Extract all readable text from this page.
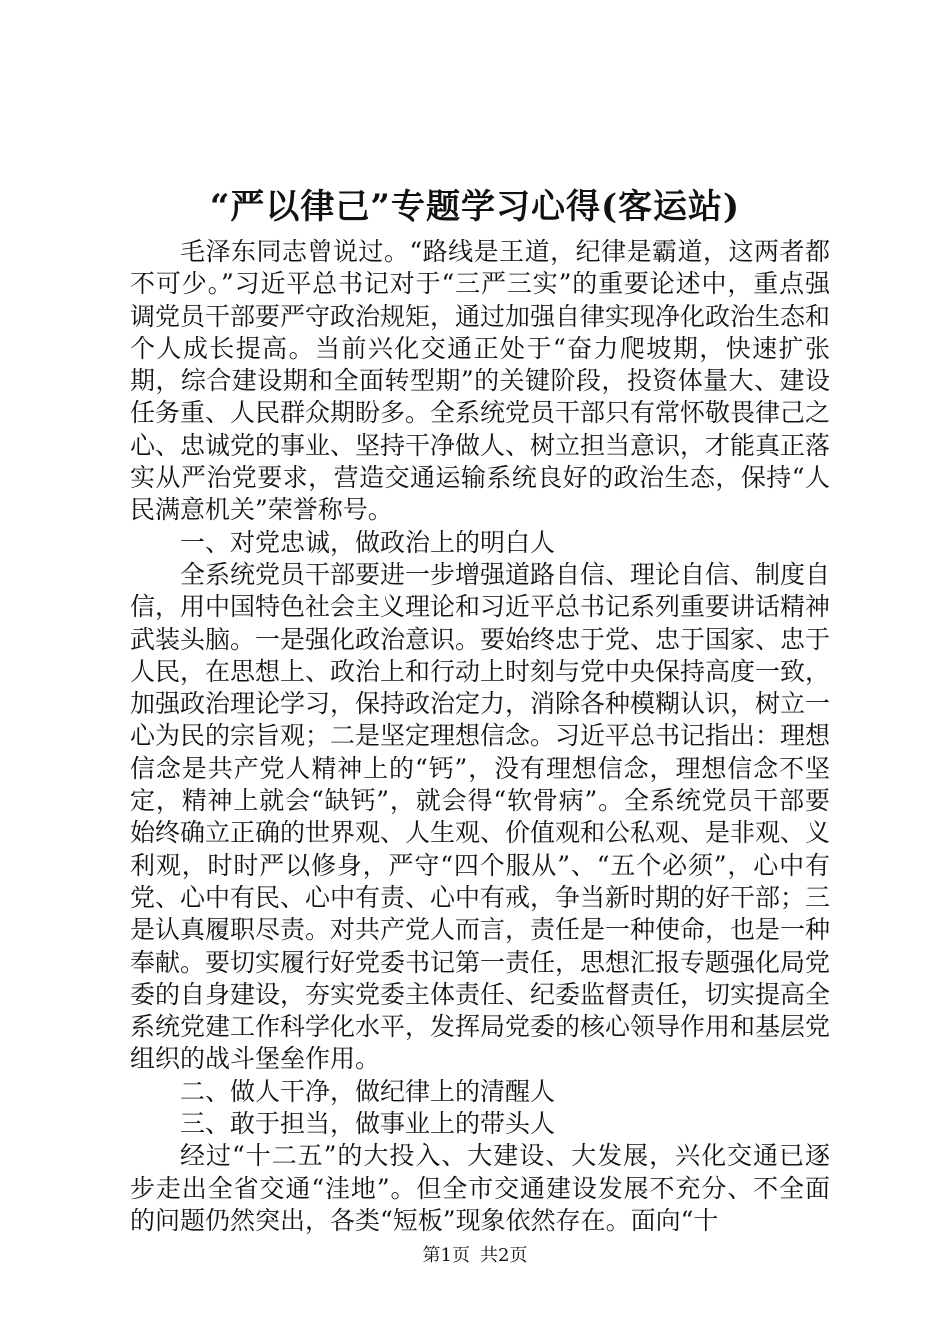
“严以律己”专题学习心得(客运站)

毛泽东同志曾说过。“路线是王道，纪律是霸道，这两者都不可少。”习近平总书记对于“三严三实”的重要论述中，重点强调党员干部要严守政治规矩，通过加强自律实现净化政治生态和个人成长提高。当前兴化交通正处于“奋力爬坡期，快速扩张期，综合建设期和全面转型期”的关键阶段，投资体量大、建设任务重、人民群众期盼多。全系统党员干部只有常怀敬畏律己之心、忠诚党的事业、坚持干净做人、树立担当意识，才能真正落实从严治党要求，营造交通运输系统良好的政治生态，保持“人民满意机关”荣誉称号。

一、对党忠诚，做政治上的明白人

全系统党员干部要进一步增强道路自信、理论自信、制度自信，用中国特色社会主义理论和习近平总书记系列重要讲话精神武装头脑。一是强化政治意识。要始终忠于党、忠于国家、忠于人民，在思想上、政治上和行动上时刻与党中央保持高度一致，加强政治理论学习，保持政治定力，消除各种模糊认识，树立一心为民的宗旨观；二是坚定理想信念。习近平总书记指出：理想信念是共产党人精神上的“钙”，没有理想信念，理想信念不坚定，精神上就会“缺钙”，就会得“软骨病”。全系统党员干部要始终确立正确的世界观、人生观、价值观和公私观、是非观、义利观，时时严以修身，严守“四个服从”、“五个必须”，心中有党、心中有民、心中有责、心中有戒，争当新时期的好干部；三是认真履职尽责。对共产党人而言，责任是一种使命，也是一种奉献。要切实履行好党委书记第一责任，思想汇报专题强化局党委的自身建设，夯实党委主体责任、纪委监督责任，切实提高全系统党建工作科学化水平，发挥局党委的核心领导作用和基层党组织的战斗堡垒作用。

二、做人干净，做纪律上的清醒人

三、敢于担当，做事业上的带头人

经过“十二五”的大投入、大建设、大发展，兴化交通已逐步走出全省交通“洼地”。但全市交通建设发展不充分、不全面的问题仍然突出，各类“短板”现象依然存在。面向“十

第1页 共2页
